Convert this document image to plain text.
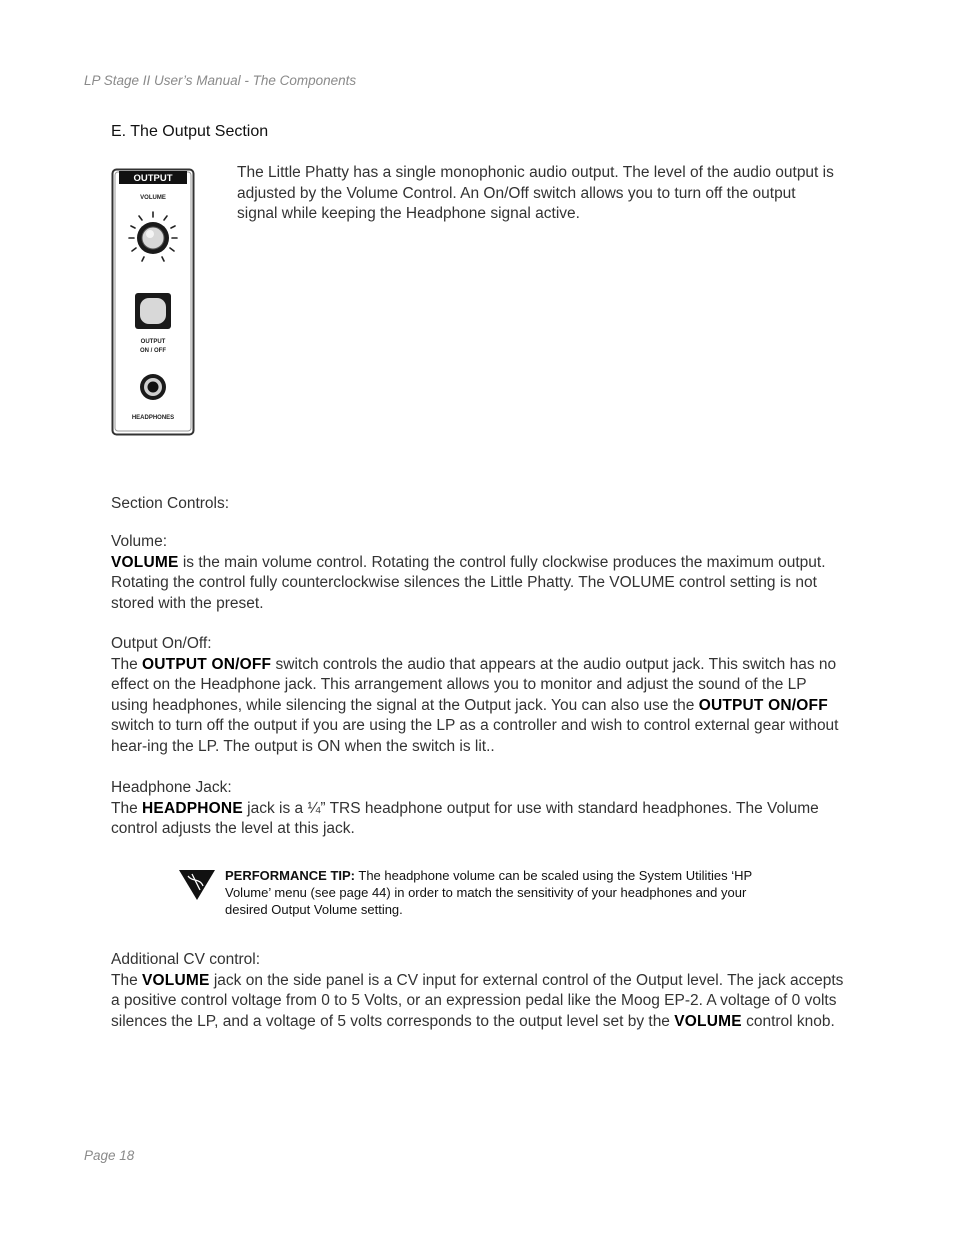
LP Stage II User’s Manual - The Components
E. The Output Section
OUTPUT
VOLUME
OUTPUT
ON / OFF
HEADPHONES

The Little Phatty has a single monophonic audio output. The level of the audio output is adjusted by the Volume Control. An On/Off switch allows you to turn off the output signal while keeping the Headphone signal active.

Section Controls:

Volume:

VOLUME is the main volume control. Rotating the control fully clockwise produces the maximum output. Rotating the control fully counterclockwise silences the Little Phatty. The VOLUME control setting is not stored with the preset.

Output On/Off:

The OUTPUT ON/OFF switch controls the audio that appears at the audio output jack. This switch has no effect on the Headphone jack. This arrangement allows you to monitor and adjust the sound of the LP using headphones, while silencing the signal at the Output jack. You can also use the OUTPUT ON/OFF switch to turn off the output if you are using the LP as a controller and wish to control external gear without hear-ing the LP. The output is ON when the switch is lit..

Headphone Jack:

The HEADPHONE jack is a ¼” TRS headphone output for use with standard headphones. The Volume control adjusts the level at this jack.

PERFORMANCE TIP: The headphone volume can be scaled using the System Utilities ‘HP Volume’ menu (see page 44) in order to match the sensitivity of your headphones and your desired Output Volume setting.

Additional CV control:

The VOLUME jack on the side panel is a CV input for external control of the Output level. The jack accepts a positive control voltage from 0 to 5 Volts, or an expression pedal like the Moog EP-2. A voltage of 0 volts silences the LP, and a voltage of 5 volts corresponds to the output level set by the VOLUME control knob.

Page 18
